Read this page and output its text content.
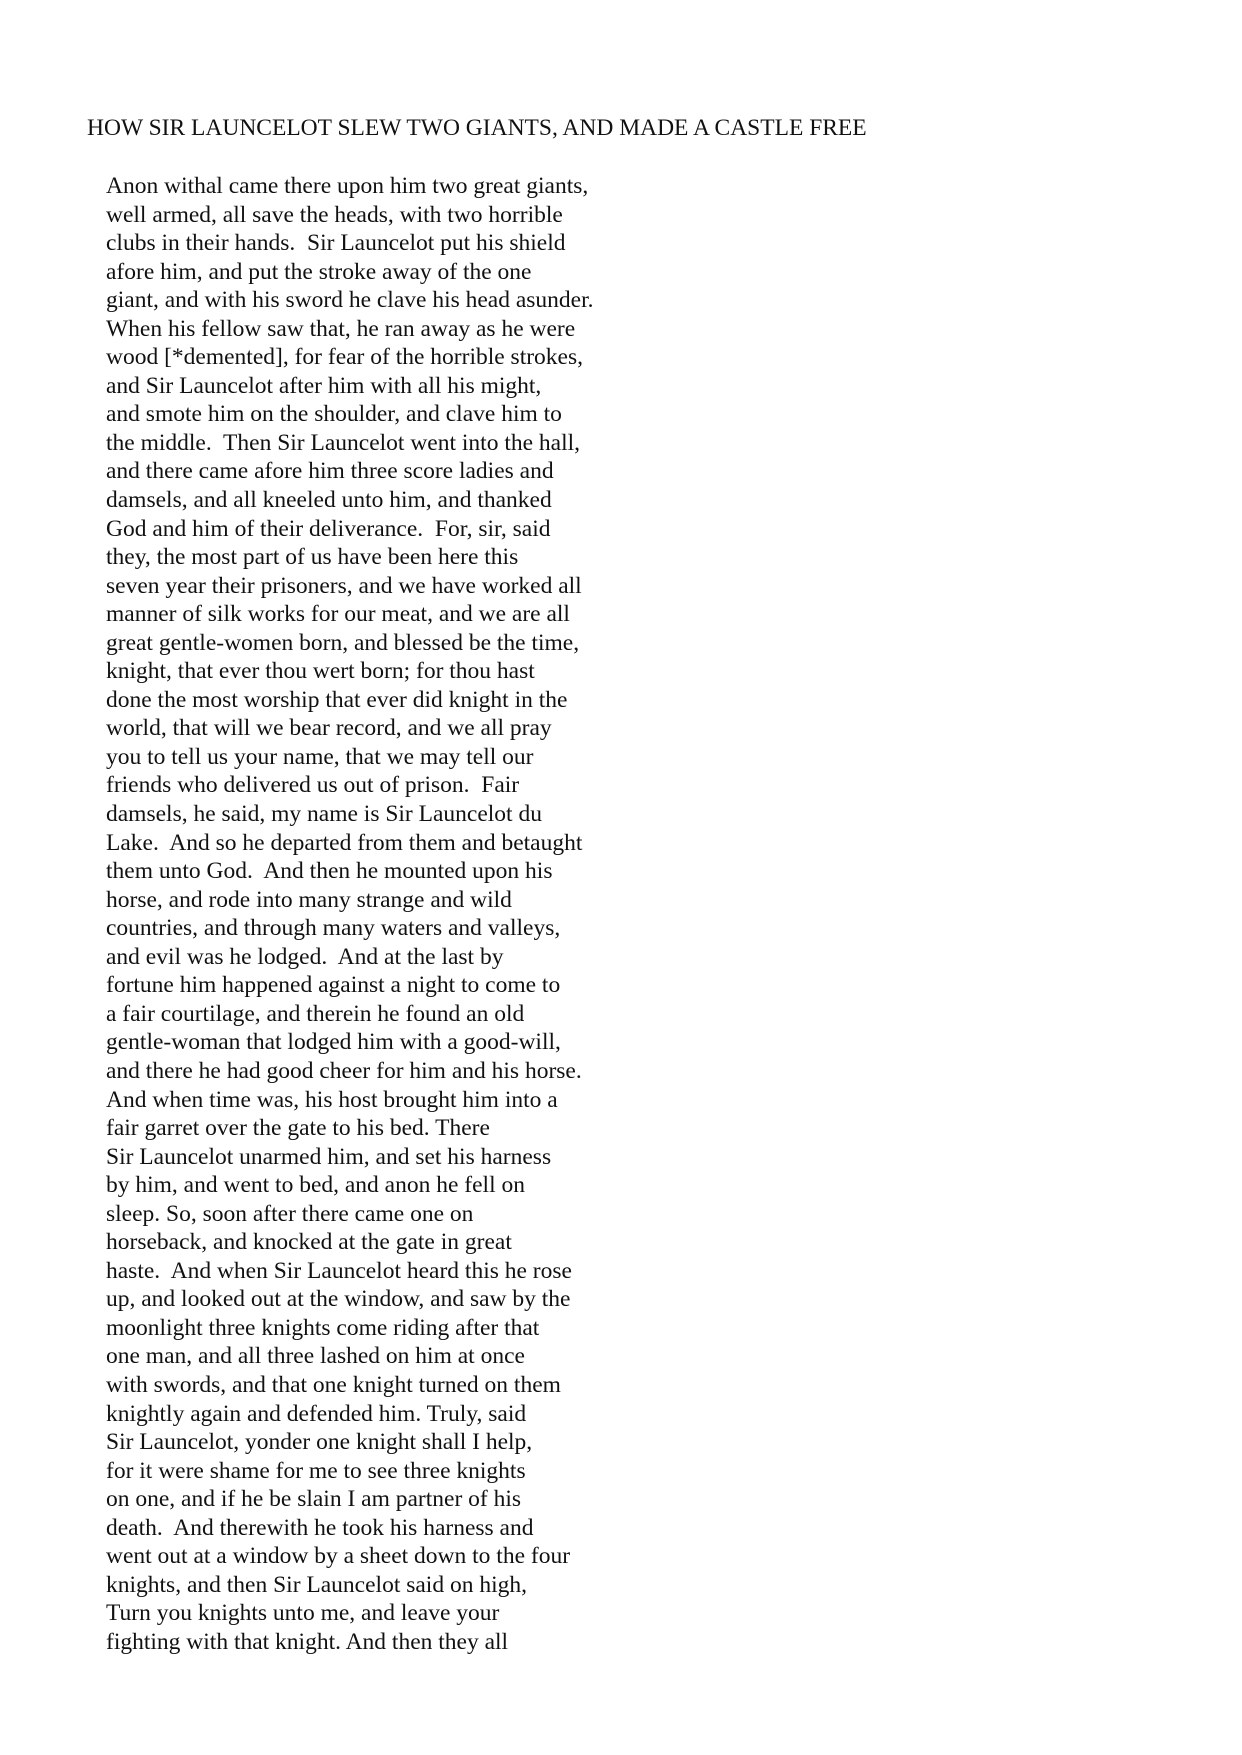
HOW SIR LAUNCELOT SLEW TWO GIANTS, AND MADE A CASTLE FREE
Anon withal came there upon him two great giants,
well armed, all save the heads, with two horrible
clubs in their hands.  Sir Launcelot put his shield
afore him, and put the stroke away of the one
giant, and with his sword he clave his head asunder.
When his fellow saw that, he ran away as he were
wood [*demented], for fear of the horrible strokes,
and Sir Launcelot after him with all his might,
and smote him on the shoulder, and clave him to
the middle.  Then Sir Launcelot went into the hall,
and there came afore him three score ladies and
damsels, and all kneeled unto him, and thanked
God and him of their deliverance.  For, sir, said
they, the most part of us have been here this
seven year their prisoners, and we have worked all
manner of silk works for our meat, and we are all
great gentle-women born, and blessed be the time,
knight, that ever thou wert born; for thou hast
done the most worship that ever did knight in the
world, that will we bear record, and we all pray
you to tell us your name, that we may tell our
friends who delivered us out of prison.  Fair
damsels, he said, my name is Sir Launcelot du
Lake.  And so he departed from them and betaught
them unto God.  And then he mounted upon his
horse, and rode into many strange and wild
countries, and through many waters and valleys,
and evil was he lodged.  And at the last by
fortune him happened against a night to come to
a fair courtilage, and therein he found an old
gentle-woman that lodged him with a good-will,
and there he had good cheer for him and his horse.
And when time was, his host brought him into a
fair garret over the gate to his bed. There
Sir Launcelot unarmed him, and set his harness
by him, and went to bed, and anon he fell on
sleep. So, soon after there came one on
horseback, and knocked at the gate in great
haste.  And when Sir Launcelot heard this he rose
up, and looked out at the window, and saw by the
moonlight three knights come riding after that
one man, and all three lashed on him at once
with swords, and that one knight turned on them
knightly again and defended him. Truly, said
Sir Launcelot, yonder one knight shall I help,
for it were shame for me to see three knights
on one, and if he be slain I am partner of his
death.  And therewith he took his harness and
went out at a window by a sheet down to the four
knights, and then Sir Launcelot said on high,
Turn you knights unto me, and leave your
fighting with that knight. And then they all
